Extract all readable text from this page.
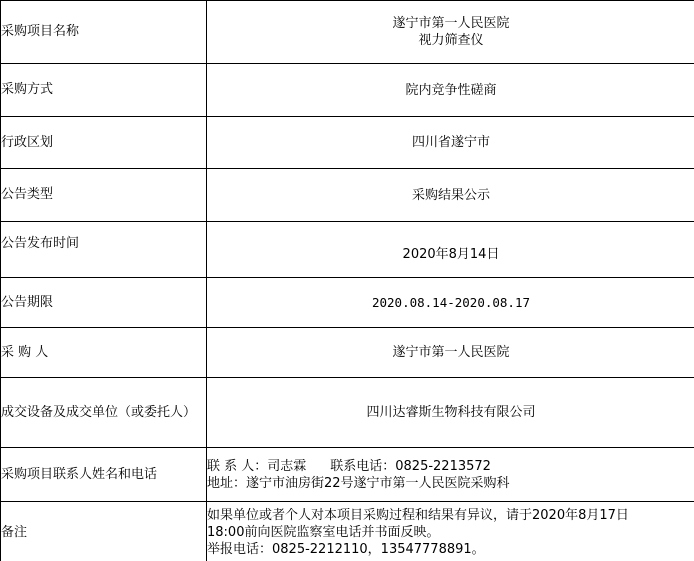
采购项目名称	遂宁市第一人民医院
视力筛查仪

采购方式	院内竞争性磋商
行政区划	四川省遂宁市
公告类型	采购结果公示

公告发布时间	2020年8月14日

公告期限	2020.08.14-2020.08.17
采 购 人	遂宁市第一人民医院
成交设备及成交单位（或委托人）	四川达睿斯生物科技有限公司
采购项目联系人姓名和电话	联 系 人：司志霖 联系电话：0825-2213572
地址：遂宁市油房街22号遂宁市第一人民医院采购科

备注	如果单位或者个人对本项目采购过程和结果有异议，请于2020年8月17日
18:00前向医院监察室电话并书面反映。
举报电话：0825-2212110，13547778891。
